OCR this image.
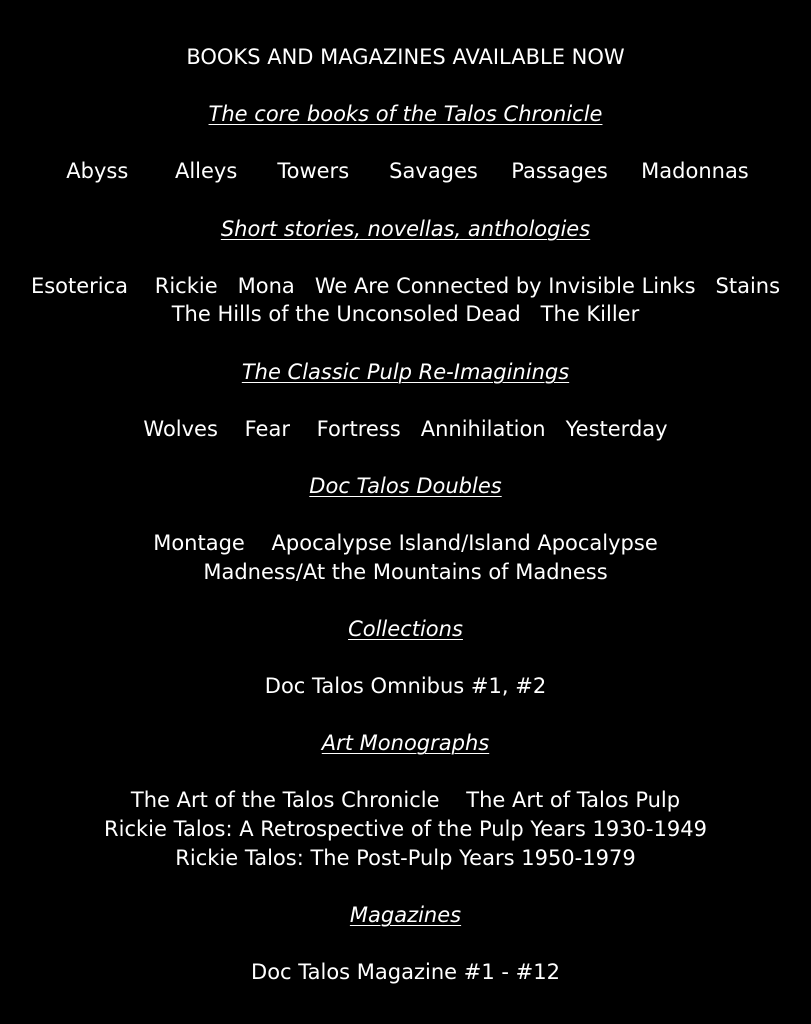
BOOKS AND MAGAZINES AVAILABLE NOW

The core books of the Talos Chronicle

Abyss       Alleys      Towers      Savages     Passages     Madonnas

Short stories, novellas, anthologies

Esoterica    Rickie   Mona   We Are Connected by Invisible Links   Stains

The Hills of the Unconsoled Dead   The Killer

The Classic Pulp Re-Imaginings

Wolves    Fear    Fortress   Annihilation   Yesterday

Doc Talos Doubles

Montage    Apocalypse Island/Island Apocalypse

Madness/At the Mountains of Madness

Collections

Doc Talos Omnibus #1, #2

Art Monographs

The Art of the Talos Chronicle    The Art of Talos Pulp

Rickie Talos: A Retrospective of the Pulp Years 1930-1949

Rickie Talos: The Post-Pulp Years 1950-1979

Magazines

Doc Talos Magazine #1 - #12
